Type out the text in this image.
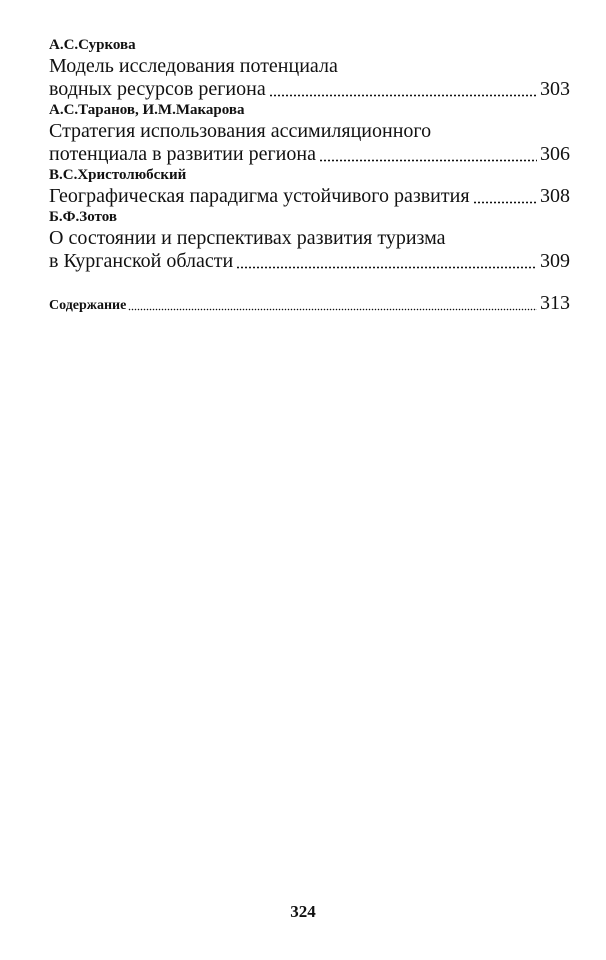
А.С.Суркова
Модель исследования потенциала
водных ресурсов региона	303
А.С.Таранов, И.М.Макарова
Стратегия использования ассимиляционного
потенциала в развитии региона	306
В.С.Христолюбский
Географическая парадигма устойчивого развития	308
Б.Ф.Зотов
О состоянии и перспективах развития туризма
в Курганской области	309
Содержание	313
324
